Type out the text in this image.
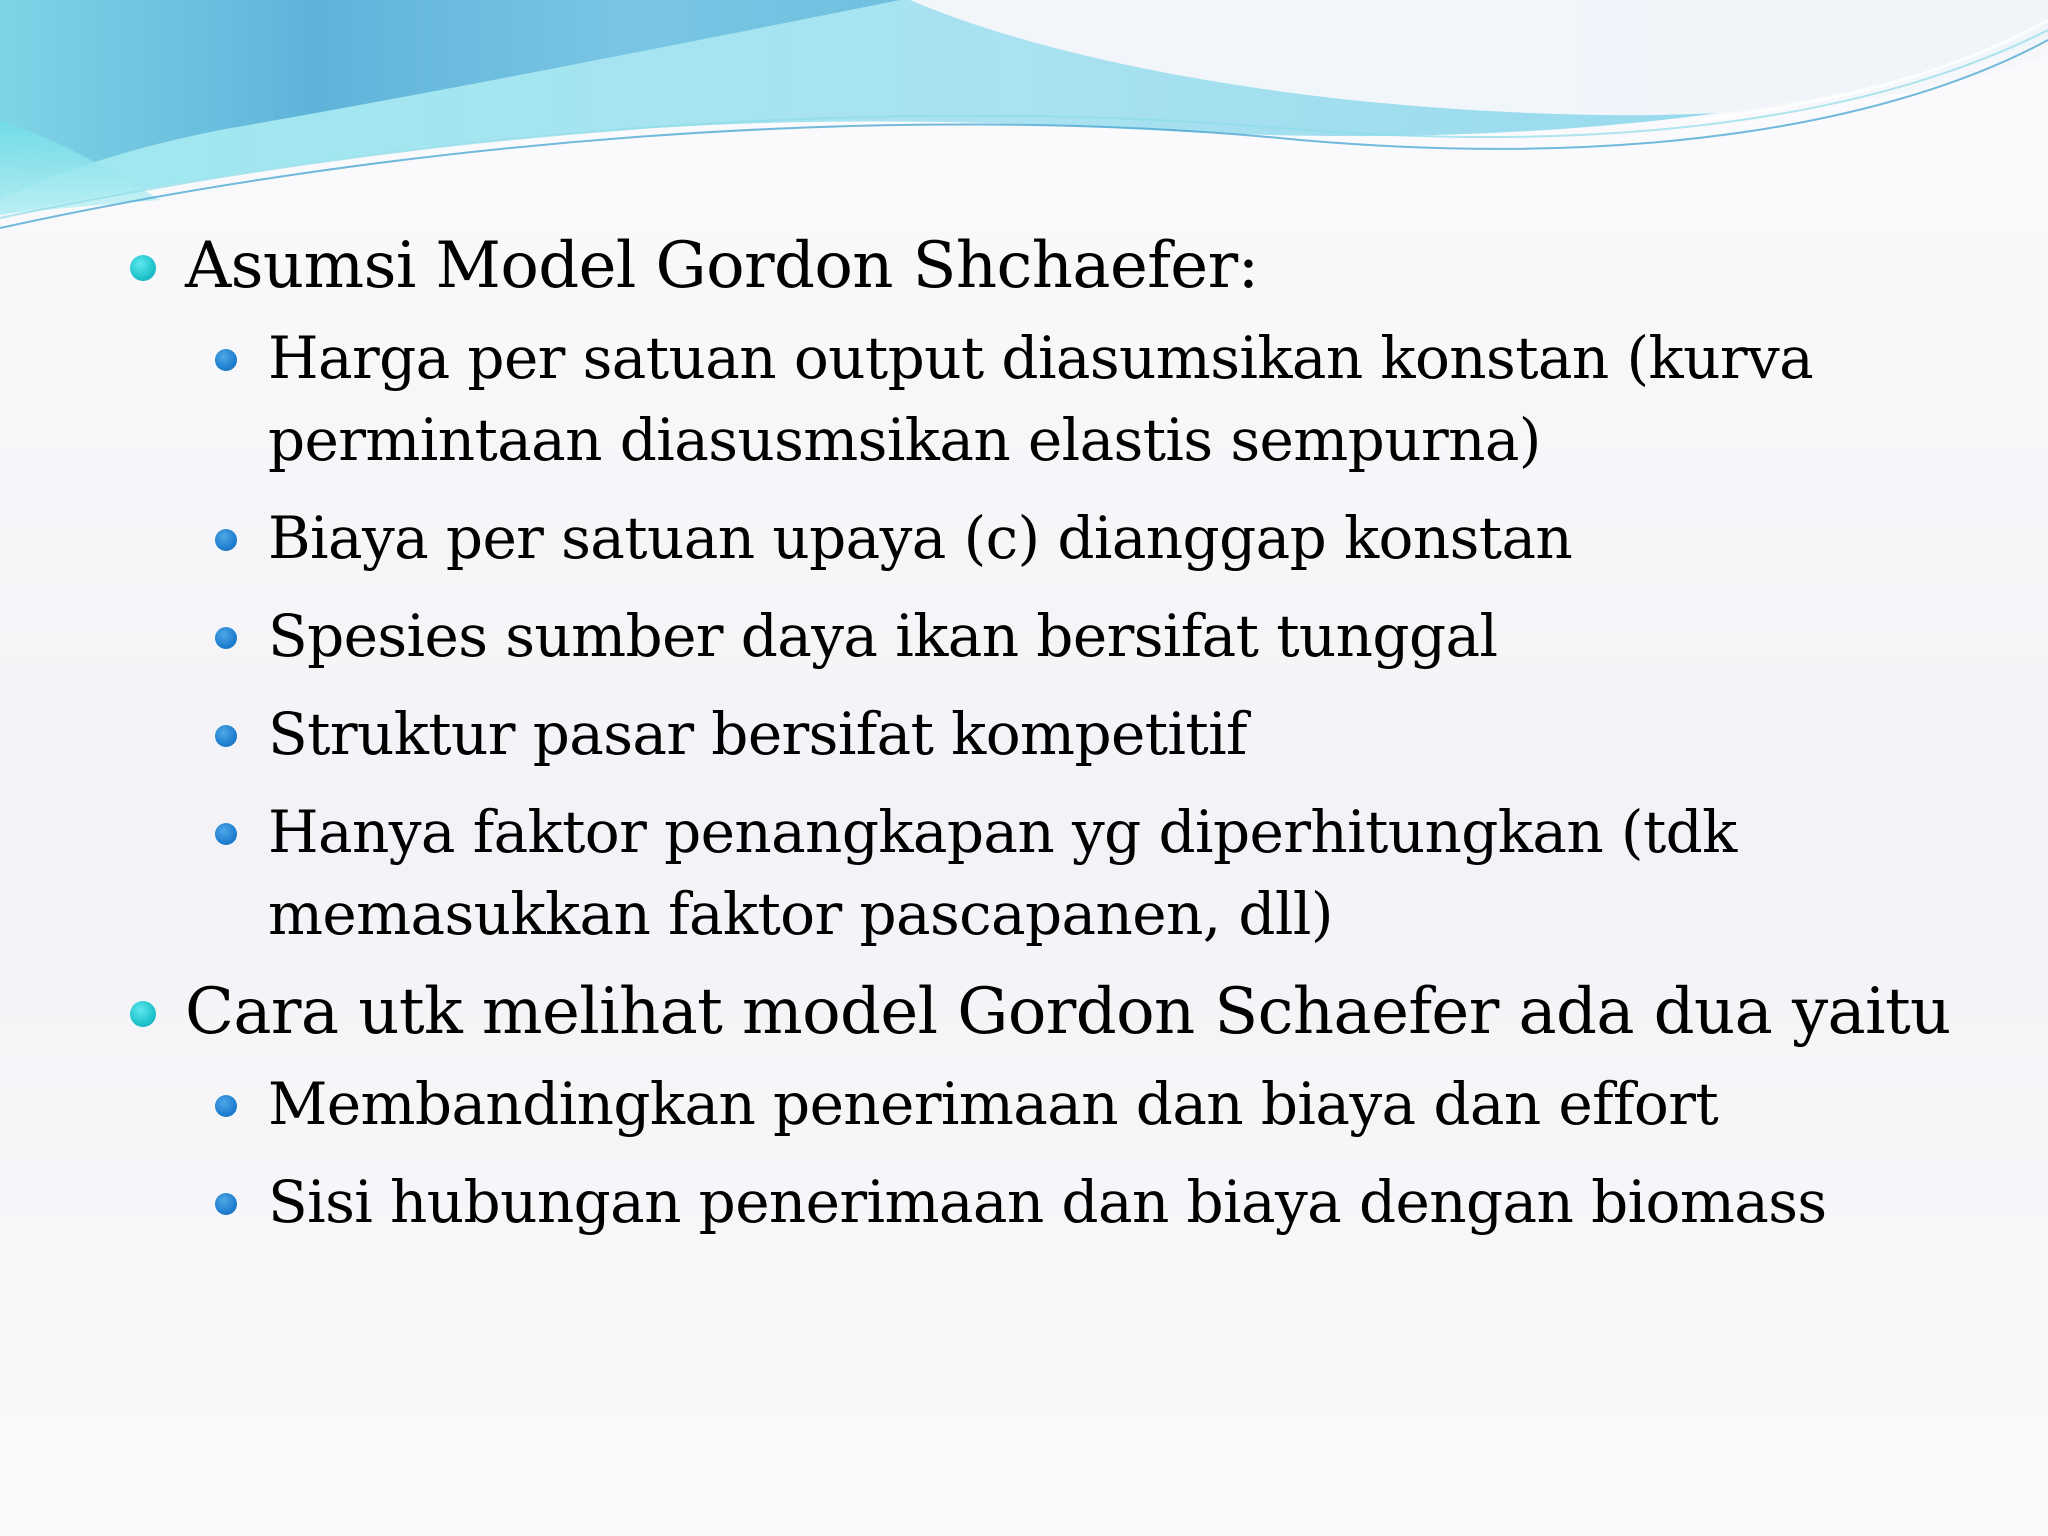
Asumsi Model Gordon Shchaefer:
Harga per satuan output diasumsikan konstan (kurva permintaan diasusmsikan elastis sempurna)
Biaya per satuan upaya (c) dianggap konstan
Spesies sumber daya ikan bersifat tunggal
Struktur pasar bersifat kompetitif
Hanya faktor penangkapan yg diperhitungkan (tdk memasukkan faktor pascapanen, dll)
Cara utk melihat model Gordon Schaefer ada dua yaitu
Membandingkan penerimaan dan biaya dan effort
Sisi hubungan penerimaan dan biaya dengan biomass
